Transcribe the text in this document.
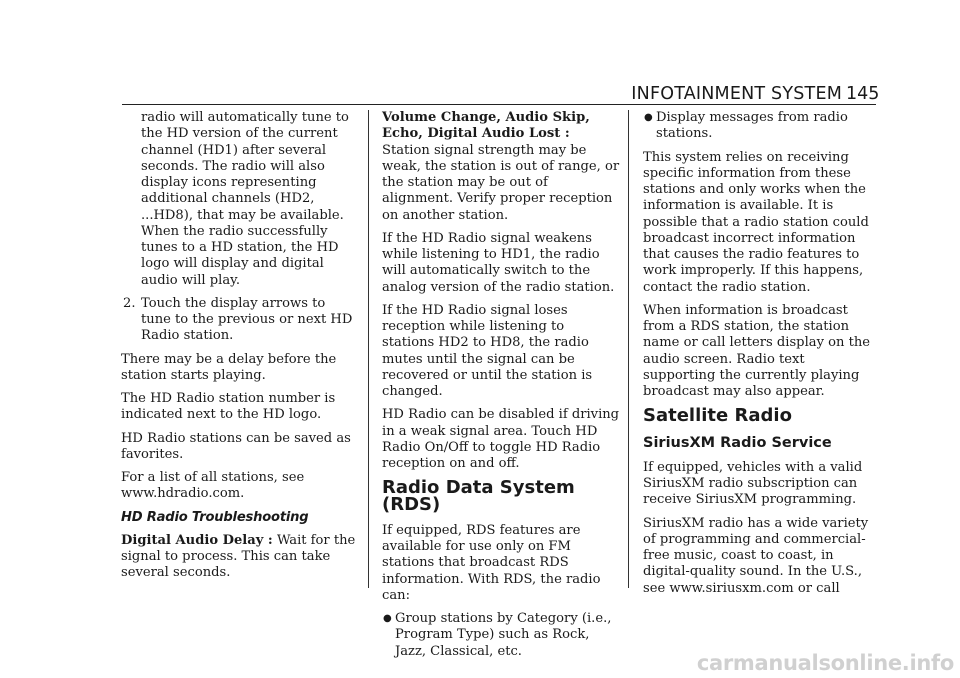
INFOTAINMENT SYSTEM 145

radio will automatically tune to the HD version of the current channel (HD1) after several seconds. The radio will also display icons representing additional channels (HD2, ...HD8), that may be available. When the radio successfully tunes to a HD station, the HD logo will display and digital audio will play.

2. Touch the display arrows to tune to the previous or next HD Radio station.

There may be a delay before the station starts playing.

The HD Radio station number is indicated next to the HD logo.

HD Radio stations can be saved as favorites.

For a list of all stations, see www.hdradio.com.

HD Radio Troubleshooting

Digital Audio Delay : Wait for the signal to process. This can take several seconds.

Volume Change, Audio Skip, Echo, Digital Audio Lost : Station signal strength may be weak, the station is out of range, or the station may be out of alignment. Verify proper reception on another station.

If the HD Radio signal weakens while listening to HD1, the radio will automatically switch to the analog version of the radio station.

If the HD Radio signal loses reception while listening to stations HD2 to HD8, the radio mutes until the signal can be recovered or until the station is changed.

HD Radio can be disabled if driving in a weak signal area. Touch HD Radio On/Off to toggle HD Radio reception on and off.

Radio Data System (RDS)

If equipped, RDS features are available for use only on FM stations that broadcast RDS information. With RDS, the radio can:

● Group stations by Category (i.e., Program Type) such as Rock, Jazz, Classical, etc.
● Display messages from radio stations.

This system relies on receiving specific information from these stations and only works when the information is available. It is possible that a radio station could broadcast incorrect information that causes the radio features to work improperly. If this happens, contact the radio station.

When information is broadcast from a RDS station, the station name or call letters display on the audio screen. Radio text supporting the currently playing broadcast may also appear.

Satellite Radio
SiriusXM Radio Service

If equipped, vehicles with a valid SiriusXM radio subscription can receive SiriusXM programming.

SiriusXM radio has a wide variety of programming and commercial-free music, coast to coast, in digital-quality sound. In the U.S., see www.siriusxm.com or call

carmanualsonline.info
